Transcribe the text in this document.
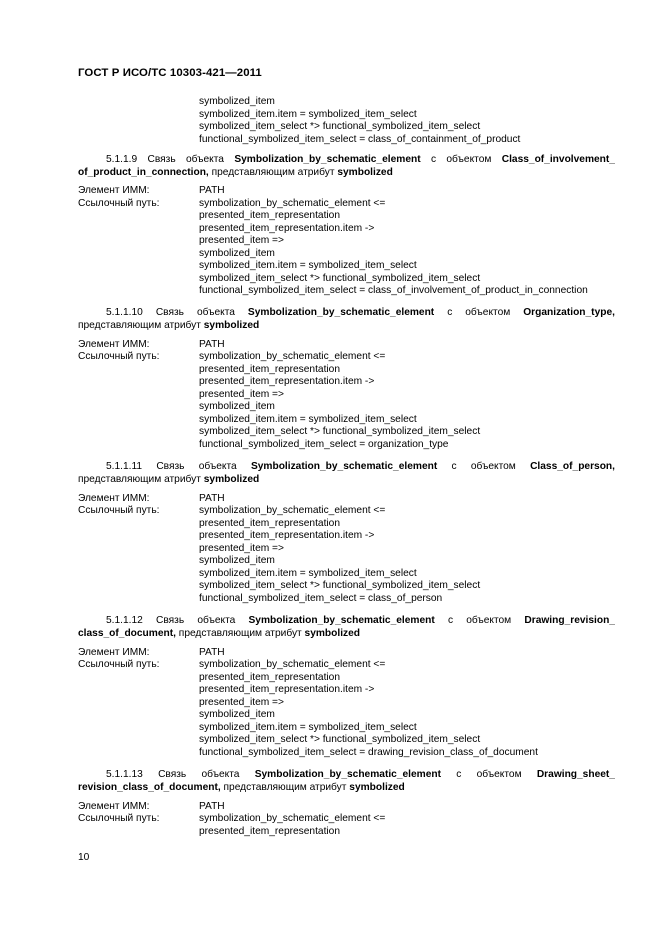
ГОСТ Р ИСО/ТС 10303-421—2011
symbolized_item
symbolized_item.item = symbolized_item_select
symbolized_item_select *> functional_symbolized_item_select
functional_symbolized_item_select = class_of_containment_of_product
5.1.1.9 Связь объекта Symbolization_by_schematic_element с объектом Class_of_involvement_
of_product_in_connection, представляющим атрибут symbolized
Элемент ИММ:	PATH
Ссылочный путь:	symbolization_by_schematic_element <=
presented_item_representation
presented_item_representation.item ->
presented_item =>
symbolized_item
symbolized_item.item = symbolized_item_select
symbolized_item_select *> functional_symbolized_item_select
functional_symbolized_item_select = class_of_involvement_of_product_in_connection
5.1.1.10 Связь объекта Symbolization_by_schematic_element с объектом Organization_type,
представляющим атрибут symbolized
Элемент ИММ:	PATH
Ссылочный путь:	symbolization_by_schematic_element <=
presented_item_representation
presented_item_representation.item ->
presented_item =>
symbolized_item
symbolized_item.item = symbolized_item_select
symbolized_item_select *> functional_symbolized_item_select
functional_symbolized_item_select = organization_type
5.1.1.11 Связь объекта Symbolization_by_schematic_element с объектом Class_of_person,
представляющим атрибут symbolized
Элемент ИММ:	PATH
Ссылочный путь:	symbolization_by_schematic_element <=
presented_item_representation
presented_item_representation.item ->
presented_item =>
symbolized_item
symbolized_item.item = symbolized_item_select
symbolized_item_select *> functional_symbolized_item_select
functional_symbolized_item_select = class_of_person
5.1.1.12 Связь объекта Symbolization_by_schematic_element с объектом Drawing_revision_
class_of_document, представляющим атрибут symbolized
Элемент ИММ:	PATH
Ссылочный путь:	symbolization_by_schematic_element <=
presented_item_representation
presented_item_representation.item ->
presented_item =>
symbolized_item
symbolized_item.item = symbolized_item_select
symbolized_item_select *> functional_symbolized_item_select
functional_symbolized_item_select = drawing_revision_class_of_document
5.1.1.13 Связь объекта Symbolization_by_schematic_element с объектом Drawing_sheet_
revision_class_of_document, представляющим атрибут symbolized
Элемент ИММ:	PATH
Ссылочный путь:	symbolization_by_schematic_element <=
presented_item_representation
10
